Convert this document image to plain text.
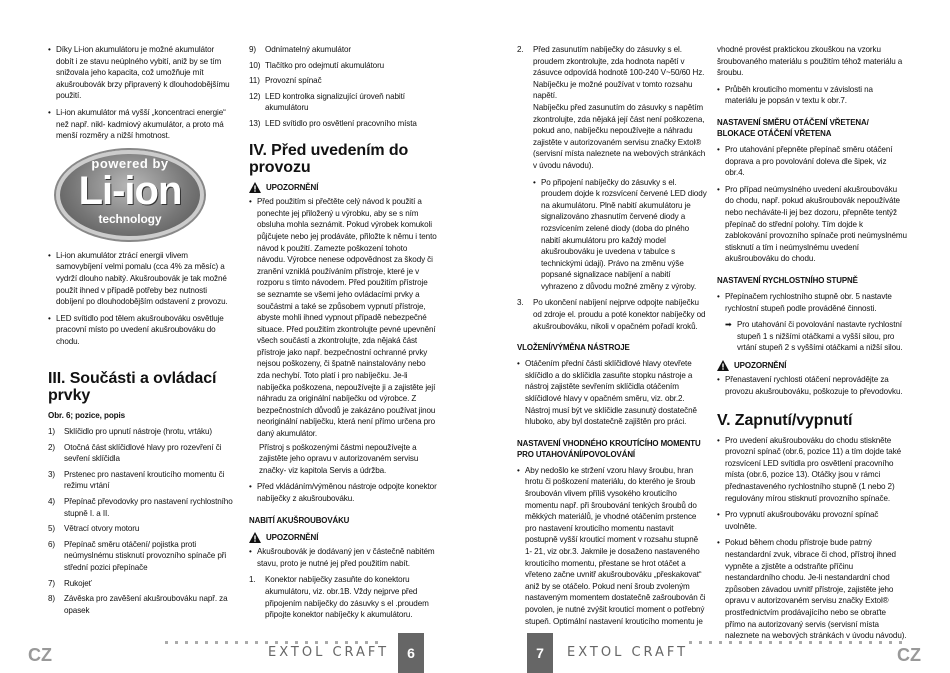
• Díky Li-ion akumulátoru je možné akumulátor dobít i ze stavu neúplného vybití, aniž by se tím snižovala jeho kapacita, což umožňuje mít akušroubovák brzy připravený k dlouhodobějšímu použití.
• Li-ion akumulátor má vyšší „koncentraci energie“ než např. nikl- kadmiový akumulátor, a proto má menší rozměry a nižší hmotnost.
powered by
Li-ion
technology
• Li-ion akumulátor ztrácí energii vlivem samovybíjení velmi pomalu (cca 4% za měsíc) a vydrží dlouho nabitý. Akušroubovák je tak možné použít ihned v případě potřeby bez nutnosti dobíjení po dlouhodobějším odstavení z provozu.
• LED svítidlo pod tělem akušroubováku osvětluje pracovní místo po uvedení akušroubováku do chodu.
III. Součásti a ovládací prvky

Obr. 6; pozice, popis

1)	Sklíčidlo pro upnutí nástroje (hrotu, vrtáku)
2)	Otočná část sklíčidlové hlavy pro rozevření či sevření sklíčidla
3)	Prstenec pro nastavení krouticího momentu či režimu vrtání
4)	Přepínač převodovky pro nastavení rychlostního stupně I. a II.
5)	Větrací otvory motoru
6)	Přepínač směru otáčení/ pojistka proti neúmyslnému stisknutí provozního spínače při střední pozici přepínače
7)	Rukojeť
8)	Závěska pro zavěšení akušroubováku např. za opasek
9)	Odnímatelný akumulátor
10) Tlačítko pro odejmutí akumulátoru
11) Provozní spínač
12) LED kontrolka signalizující úroveň nabití akumulátoru
13) LED svítidlo pro osvětlení pracovního místa
IV. Před uvedením do provozu
UPOZORNĚNÍ
• Před použitím si přečtěte celý návod k použití a ponechte jej přiložený u výrobku, aby se s ním obsluha mohla seznámit. Pokud výrobek komukoli půjčujete nebo jej prodáváte, přiložte k němu i tento návod k použití. Zamezte poškození tohoto návodu. Výrobce nenese odpovědnost za škody či zranění vzniklá používáním přístroje, které je v rozporu s tímto návodem. Před použitím přístroje se seznamte se všemi jeho ovládacími prvky a součástmi a také se způsobem vypnutí přístroje, abyste mohli ihned vypnout případě nebezpečné situace. Před použitím zkontrolujte pevné upevnění všech součástí a zkontrolujte, zda nějaká část přístroje jako např. bezpečnostní ochranné prvky nejsou poškozeny, či špatně nainstalovány nebo zda nechybí. Toto platí i pro nabíječku. Je-li nabíječka poškozena, nepoužívejte ji a zajistěte její náhradu za originální nabíječku od výrobce. Z bezpečnostních důvodů je zakázáno používat jinou neoriginální nabíječku, která není přímo určena pro daný akumulátor.

Přístroj s poškozenými částmi nepoužívejte a zajistěte jeho opravu v autorizovaném servisu značky- viz kapitola Servis a údržba.

• Před vkládáním/výměnou nástroje odpojte konektor nabíječky z akušroubováku.
NABITÍ AKUŠROUBOVÁKU
UPOZORNĚNÍ
• Akušroubovák je dodávaný jen v částečně nabitém stavu, proto je nutné jej před použitím nabít.
1.	Konektor nabíječky zasuňte do konektoru akumulátoru, viz. obr.1B. Vždy nejprve před připojením nabíječky do zásuvky s el .proudem připojte konektor nabíječky k akumulátoru.
CZ	EXTOL CRAFT	6
2.	Před zasunutím nabíječky do zásuvky s el. proudem zkontrolujte, zda hodnota napětí v zásuvce odpovídá hodnotě 100-240 V~50/60 Hz. Nabíječku je možné používat v tomto rozsahu napětí.

Nabíječku před zasunutím do zásuvky s napětím zkontrolujte, zda nějaká její část není poškozena, pokud ano, nabíječku nepoužívejte a náhradu zajistěte v autorizovaném servisu značky Extol® (servisní místa naleznete na webových stránkách v úvodu návodu).

• Po připojení nabíječky do zásuvky s el. proudem dojde k rozsvícení červené LED diody na akumulátoru. Plně nabití akumulátoru je signalizováno zhasnutím červené diody a rozsvícením zelené diody (doba do plného nabití akumulátoru pro každý model akušroubováku je uvedena v tabulce s technickými údaji). Právo na změnu výše popsané signalizace nabíjení a nabití vyhrazeno z důvodu možné změny z výroby.
3.	Po ukončení nabíjení nejprve odpojte nabíječku od zdroje el. proudu a poté konektor nabíječky od akušroubováku, nikoli v opačném pořadí kroků.
VLOŽENÍ/VÝMĚNA NÁSTROJE
• Otáčením přední části sklíčidlové hlavy otevřete sklíčidlo a do sklíčidla zasuňte stopku nástroje a nástroj zajistěte sevřením sklíčidla otáčením sklíčidlové hlavy v opačném směru, viz. obr.2. Nástroj musí být ve sklíčidle zasunutý dostatečně hluboko, aby byl dostatečně zajištěn pro práci.
NASTAVENÍ VHODNÉHO KROUTÍCÍHO MOMENTU PRO UTAHOVÁNÍ/POVOLOVÁNÍ
• Aby nedošlo ke stržení vzoru hlavy šroubu, hran hrotu či poškození materiálu, do kterého je šroub šroubován vlivem příliš vysokého krouticího momentu např. při šroubování tenkých šroubů do měkkých materiálů, je vhodné otáčením prstence pro nastavení krouticího momentu nastavit postupně vyšší krouticí moment v rozsahu stupně 1- 21, viz obr.3. Jakmile je dosaženo nastaveného krouticího momentu, přestane se hrot otáčet a vřeteno začne uvnitř akušroubováku „přeskakovat“ aniž by se otáčelo. Pokud není šroub zvoleným nastaveným momentem dostatečně zašroubován či povolen, je nutné zvýšit krouticí moment o potřebný stupeň. Optimální nastavení krouticího momentu je

vhodné provést praktickou zkouškou na vzorku šroubovaného materiálu s použitím téhož materiálu a šroubu.

• Průběh krouticího momentu v závislosti na materiálu je popsán v textu k obr.7.
NASTAVENÍ SMĚRU OTÁČENÍ VŘETENA/ BLOKACE OTÁČENÍ VŘETENA
• Pro utahování přepněte přepínač směru otáčení doprava a pro povolování doleva dle šipek, viz obr.4.
• Pro případ neúmyslného uvedení akušroubováku do chodu, např. pokud akušroubovák nepoužíváte nebo necháváte-li jej bez dozoru, přepněte tentýž přepínač do střední polohy. Tím dojde k zablokování provozního spínače proti neúmyslnému stisknutí a tím i neúmyslnému uvedení akušroubováku do chodu.
NASTAVENÍ RYCHLOSTNÍHO STUPNĚ
• Přepínačem rychlostního stupně obr. 5 nastavte rychlostní stupeň podle prováděné činnosti.
➡ Pro utahování či povolování nastavte rychlostní stupeň 1 s nižšími otáčkami a vyšší silou, pro vrtání stupeň 2 s vyššími otáčkami a nižší silou.
UPOZORNĚNÍ
• Přenastavení rychlosti otáčení neprovádějte za provozu akušroubováku, poškozuje to převodovku.
V. Zapnutí/vypnutí
• Pro uvedení akušroubováku do chodu stiskněte provozní spínač (obr.6, pozice 11) a tím dojde také rozsvícení LED svítidla pro osvětlení pracovního místa (obr.6, pozice 13). Otáčky jsou v rámci přednastaveného rychlostního stupně (1 nebo 2) regulovány mírou stisknutí provozního spínače.
• Pro vypnutí akušroubováku provozní spínač uvolněte.
• Pokud během chodu přístroje bude patrný nestandardní zvuk, vibrace či chod, přístroj ihned vypněte a zjistěte a odstraňte příčinu nestandardního chodu. Je-li nestandardní chod způsoben závadou uvnitř přístroje, zajistěte jeho opravu v autorizovaném servisu značky Extol® prostřednictvím prodávajícího nebo se obraťte přímo na autorizovaný servis (servisní místa naleznete na webových stránkách v úvodu návodu).
7	EXTOL CRAFT	CZ
